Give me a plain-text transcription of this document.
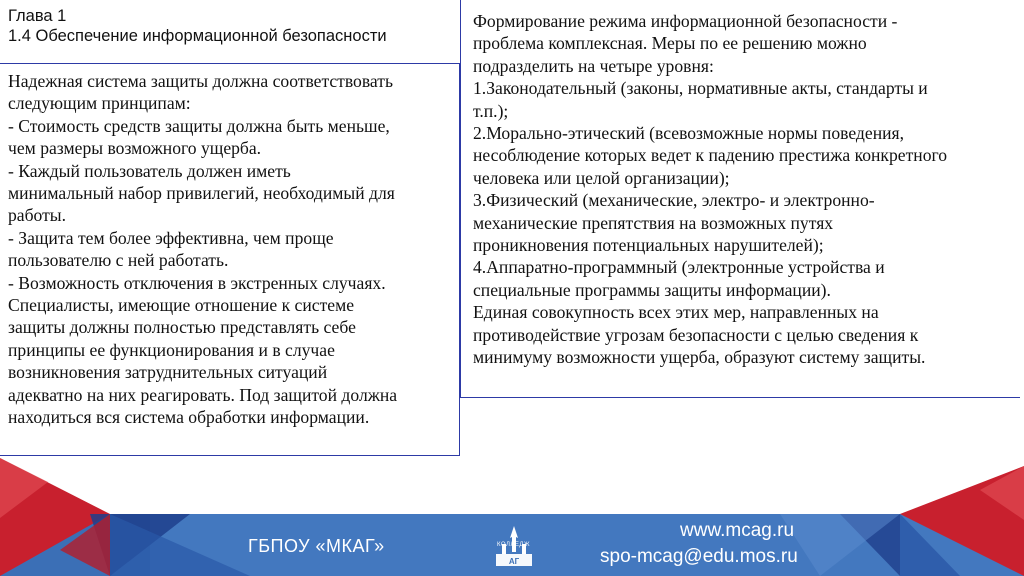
Глава 1
1.4 Обеспечение информационной безопасности

Надежная система защиты должна соответствовать

следующим принципам:

- Стоимость средств защиты должна быть меньше,

чем размеры возможного ущерба.

- Каждый пользователь должен иметь

минимальный набор привилегий, необходимый для

работы.

- Защита тем более эффективна, чем проще

пользователю с ней работать.

- Возможность отключения в экстренных случаях.

Специалисты, имеющие отношение к системе

защиты должны полностью представлять себе

принципы ее функционирования и в случае

возникновения затруднительных ситуаций

адекватно на них реагировать. Под защитой должна

находиться вся система обработки информации.

Формирование режима информационной безопасности -

проблема комплексная. Меры по ее решению можно

подразделить на четыре уровня:

1.Законодательный (законы, нормативные акты, стандарты и

т.п.);

2.Морально-этический (всевозможные нормы поведения,

несоблюдение которых ведет к падению престижа конкретного

человека или целой организации);

3.Физический (механические, электро- и электронно-

механические препятствия на возможных путях

проникновения потенциальных нарушителей);

4.Аппаратно-программный (электронные устройства и

специальные программы защиты информации).

Единая совокупность всех этих мер, направленных на

противодействие угрозам безопасности с целью сведения к

минимуму возможности ущерба, образуют систему защиты.

АГ
КОЛЛЕДЖ
ГБПОУ «МКАГ»
www.mcag.ru
spo-mcag@edu.mos.ru
